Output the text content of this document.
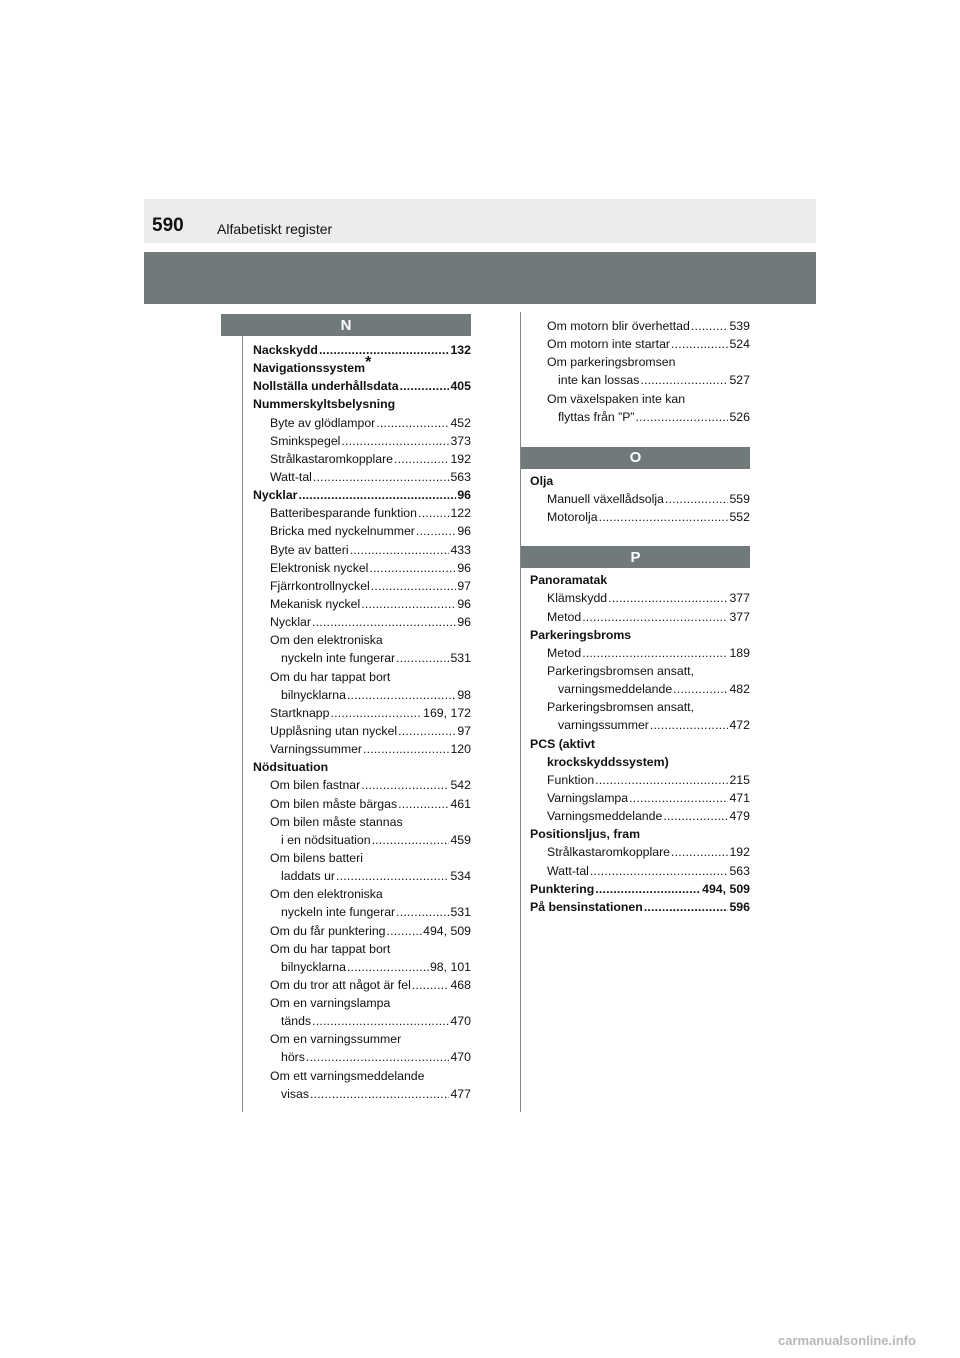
590 Alfabetiskt register
N
Nackskydd .....	132
Navigationssystem *
Nollställa underhållsdata .....	405
Nummerskyltsbelysning
Byte av glödlampor .....	452
Sminkspegel .....	373
Strålkastaromkopplare .....	192
Watt-tal .....	563
Nycklar .....	96
Batteribesparande funktion .....	122
Bricka med nyckelnummer .....	96
Byte av batteri .....	433
Elektronisk nyckel .....	96
Fjärrkontrollnyckel .....	97
Mekanisk nyckel .....	96
Nycklar .....	96
Om den elektroniska
nyckeln inte fungerar .....	531
Om du har tappat bort
bilnycklarna .....	98
Startknapp .....	169, 172
Upplåsning utan nyckel .....	97
Varningssummer .....	120
Nödsituation
Om bilen fastnar .....	542
Om bilen måste bärgas .....	461
Om bilen måste stannas
i en nödsituation .....	459
Om bilens batteri
laddats ur .....	534
Om den elektroniska
nyckeln inte fungerar .....	531
Om du får punktering .....	494, 509
Om du har tappat bort
bilnycklarna .....	98, 101
Om du tror att något är fel .....	468
Om en varningslampa
tänds .....	470
Om en varningssummer
hörs .....	470
Om ett varningsmeddelande
visas .....	477
Om motorn blir överhettad .....	539
Om motorn inte startar .....	524
Om parkeringsbromsen
inte kan lossas .....	527
Om växelspaken inte kan
flyttas från ”P” .....	526
O
Olja
Manuell växellådsolja .....	559
Motorolja .....	552
P
Panoramatak
Klämskydd .....	377
Metod .....	377
Parkeringsbroms
Metod .....	189
Parkeringsbromsen ansatt,
varningsmeddelande .....	482
Parkeringsbromsen ansatt,
varningssummer .....	472
PCS (aktivt
krockskyddssystem)
Funktion .....	215
Varningslampa .....	471
Varningsmeddelande .....	479
Positionsljus, fram
Strålkastaromkopplare .....	192
Watt-tal .....	563
Punktering .....	494, 509
På bensinstationen .....	596
carmanualsonline.info
